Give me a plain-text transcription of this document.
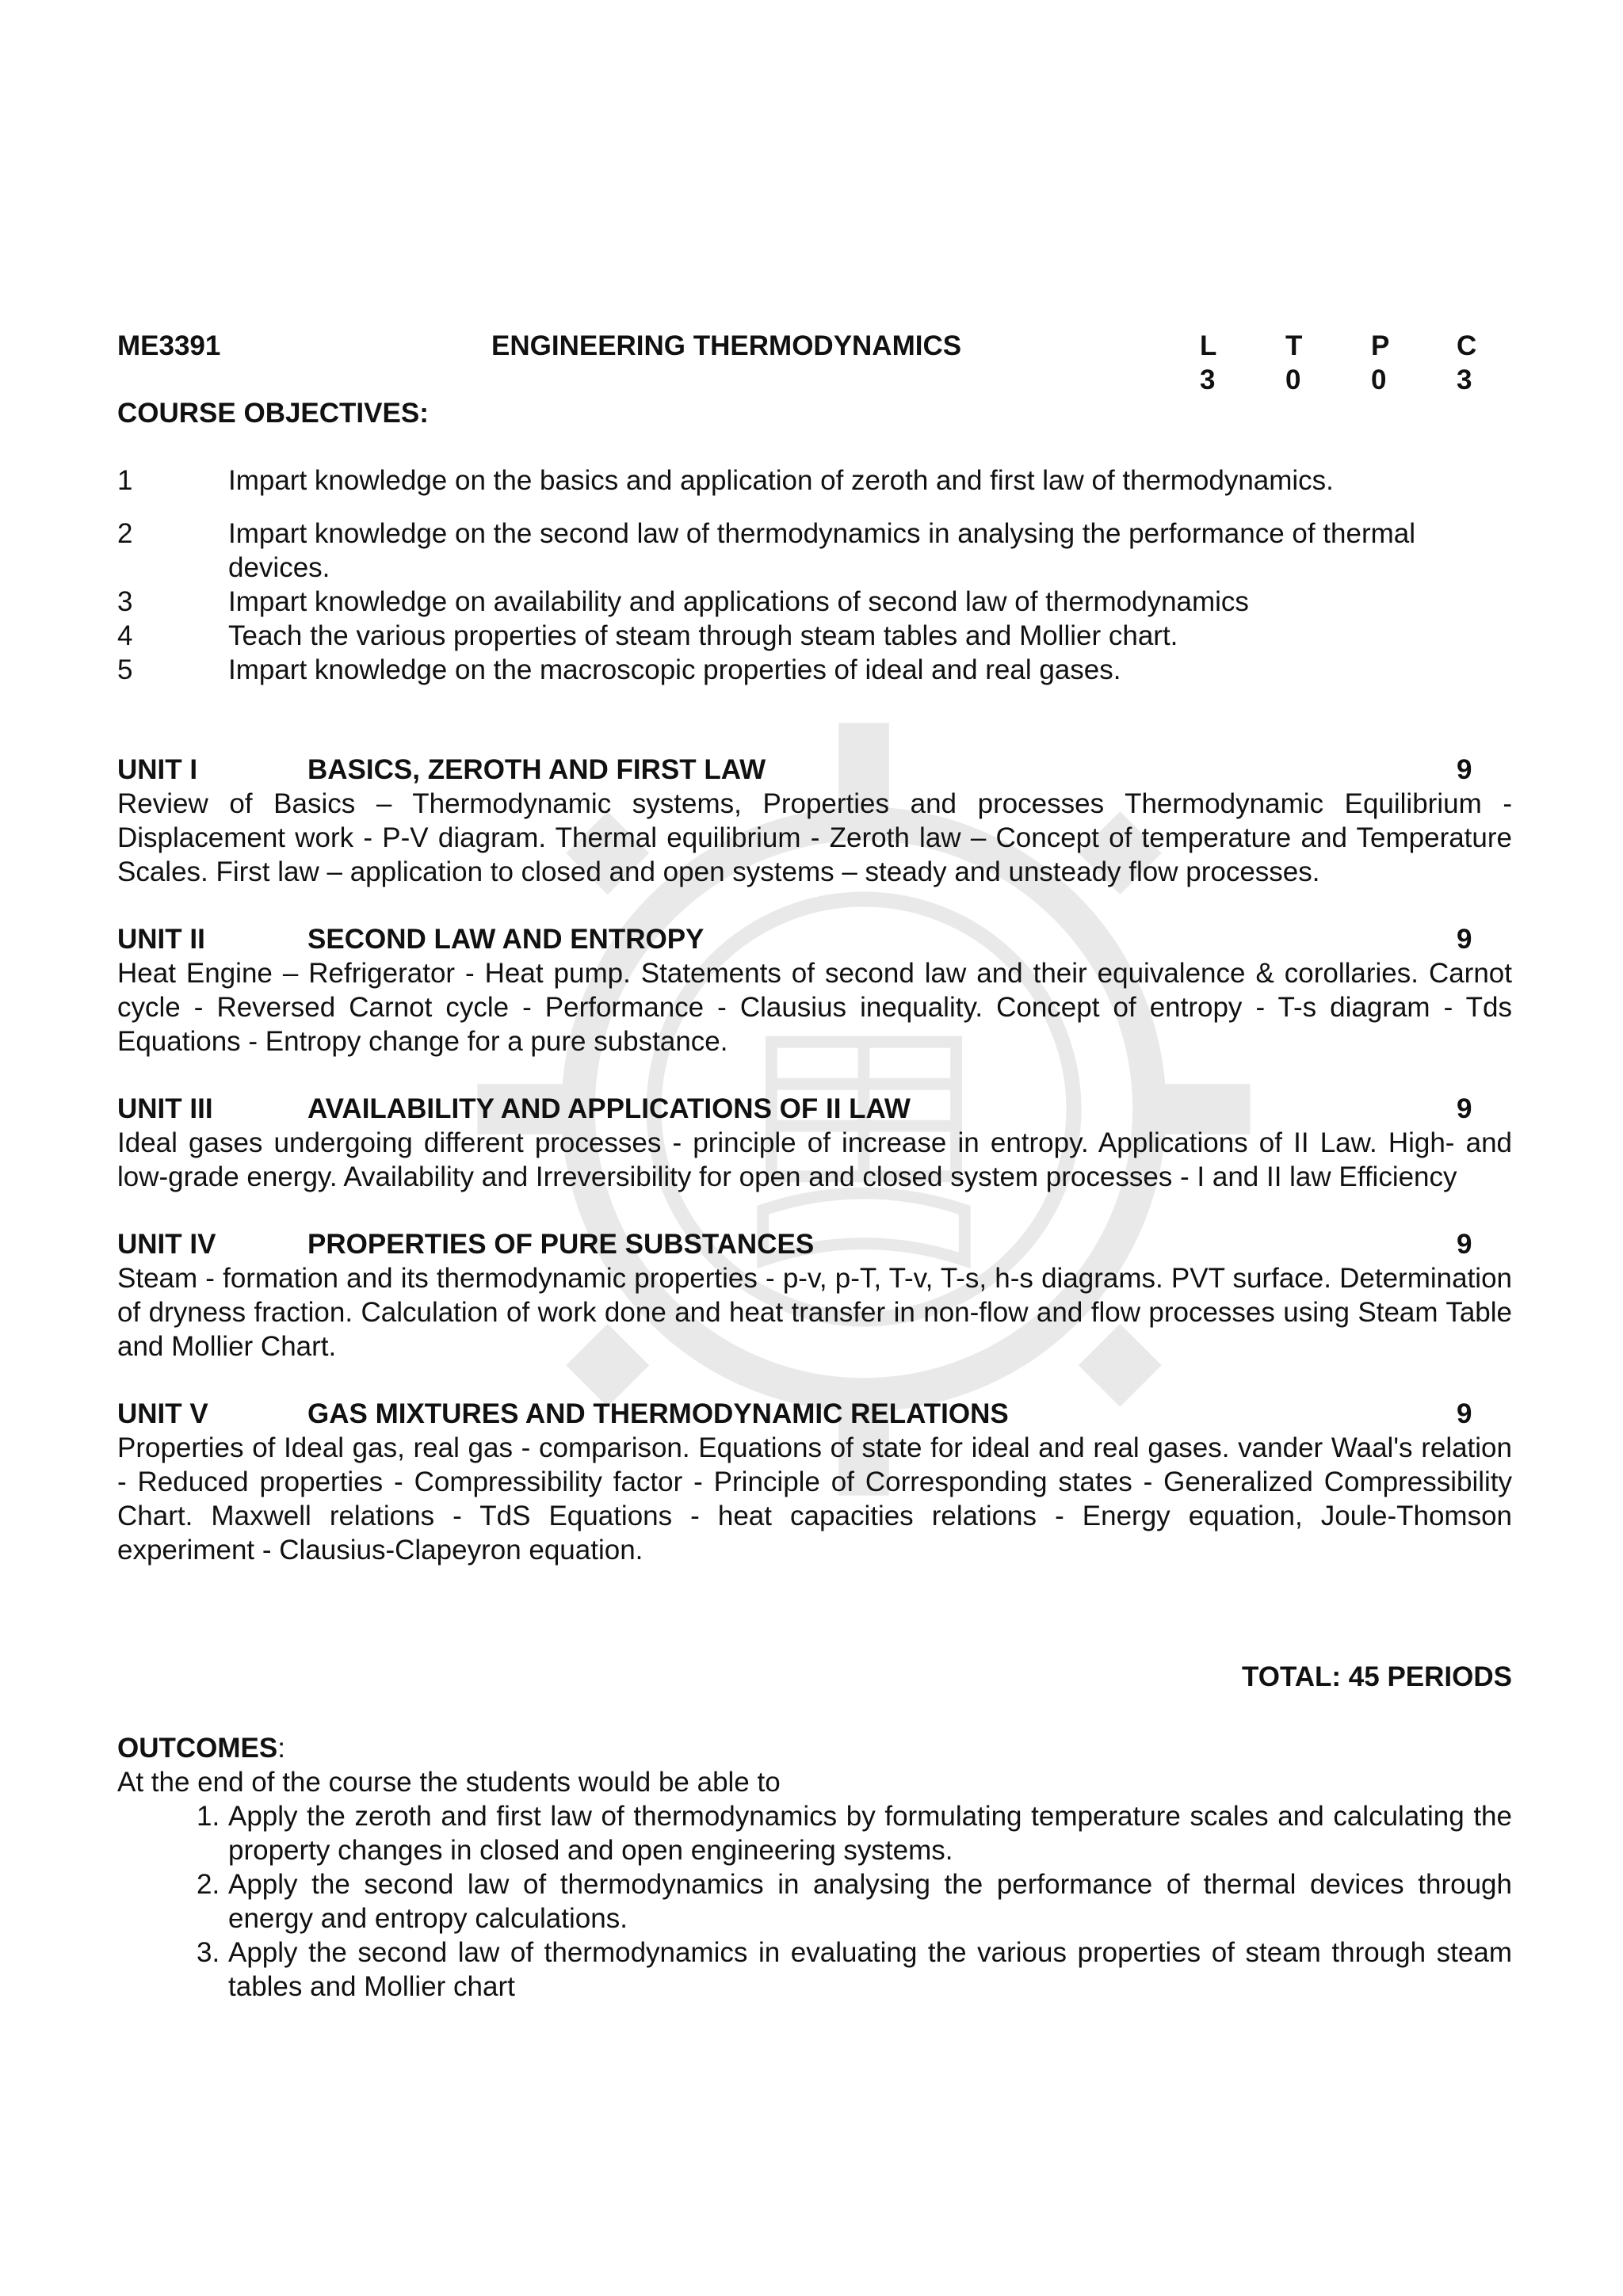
ME3391	ENGINEERING THERMODYNAMICS	L	T	P	C
3	0	0	3
COURSE OBJECTIVES:
1	Impart knowledge on the basics and application of zeroth and first law of thermodynamics.
2	Impart knowledge on the second law of thermodynamics in analysing the performance of thermal devices.
3	Impart knowledge on availability and applications of second law of thermodynamics
4	Teach the various properties of steam through steam tables and Mollier chart.
5	Impart knowledge on the macroscopic properties of ideal and real gases.
UNIT I	BASICS, ZEROTH AND FIRST LAW	9
Review of Basics – Thermodynamic systems, Properties and processes Thermodynamic Equilibrium - Displacement work - P-V diagram. Thermal equilibrium - Zeroth law – Concept of temperature and Temperature Scales. First law – application to closed and open systems – steady and unsteady flow processes.
UNIT II	SECOND LAW AND ENTROPY	9
Heat Engine – Refrigerator - Heat pump. Statements of second law and their equivalence & corollaries. Carnot cycle - Reversed Carnot cycle - Performance - Clausius inequality. Concept of entropy - T-s diagram - Tds Equations - Entropy change for a pure substance.
UNIT III	AVAILABILITY AND APPLICATIONS OF II LAW	9
Ideal gases undergoing different processes - principle of increase in entropy. Applications of II Law. High- and low-grade energy. Availability and Irreversibility for open and closed system processes - I and II law Efficiency
UNIT IV	PROPERTIES OF PURE SUBSTANCES	9
Steam - formation and its thermodynamic properties - p-v, p-T, T-v, T-s, h-s diagrams. PVT surface. Determination of dryness fraction. Calculation of work done and heat transfer in non-flow and flow processes using Steam Table and Mollier Chart.
UNIT V	GAS MIXTURES AND THERMODYNAMIC RELATIONS	9
Properties of Ideal gas, real gas - comparison. Equations of state for ideal and real gases. vander Waal's relation - Reduced properties - Compressibility factor - Principle of Corresponding states - Generalized Compressibility Chart. Maxwell relations - TdS Equations - heat capacities relations - Energy equation, Joule-Thomson experiment - Clausius-Clapeyron equation.
TOTAL: 45 PERIODS
OUTCOMES:
At the end of the course the students would be able to
1. Apply the zeroth and first law of thermodynamics by formulating temperature scales and calculating the property changes in closed and open engineering systems.
2. Apply the second law of thermodynamics in analysing the performance of thermal devices through energy and entropy calculations.
3. Apply the second law of thermodynamics in evaluating the various properties of steam through steam tables and Mollier chart
